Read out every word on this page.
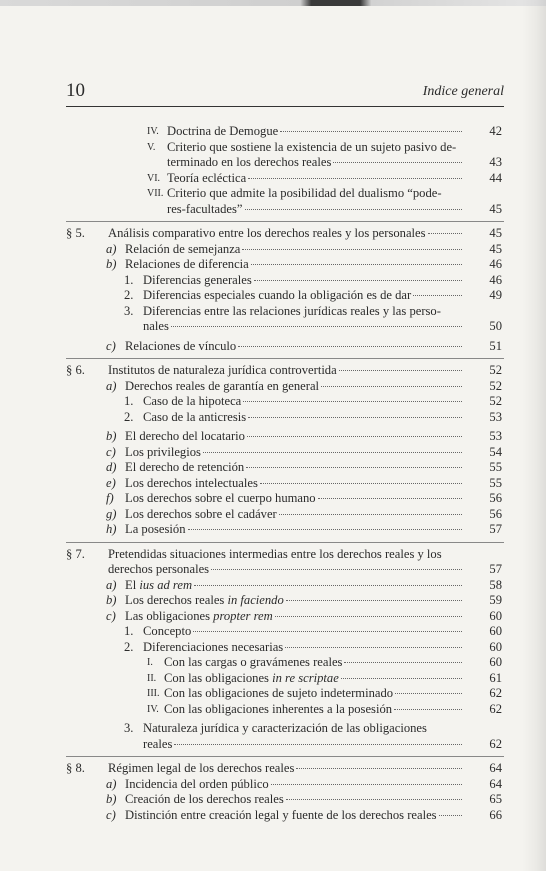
10	Indice general
IV. Doctrina de Demogue	42
V. Criterio que sostiene la existencia de un sujeto pasivo de-
terminado en los derechos reales	43
VI. Teoría ecléctica	44
VII. Criterio que admite la posibilidad del dualismo “pode-
res-facultades”	45
§ 5. Análisis comparativo entre los derechos reales y los personales	45
a) Relación de semejanza	45
b) Relaciones de diferencia	46
1. Diferencias generales	46
2. Diferencias especiales cuando la obligación es de dar	49
3. Diferencias entre las relaciones jurídicas reales y las perso-
nales	50
c) Relaciones de vínculo	51
§ 6. Institutos de naturaleza jurídica controvertida	52
a) Derechos reales de garantía en general	52
1. Caso de la hipoteca	52
2. Caso de la anticresis	53
b) El derecho del locatario	53
c) Los privilegios	54
d) El derecho de retención	55
e) Los derechos intelectuales	55
f) Los derechos sobre el cuerpo humano	56
g) Los derechos sobre el cadáver	56
h) La posesión	57
§ 7. Pretendidas situaciones intermedias entre los derechos reales y los
derechos personales	57
a) El ius ad rem	58
b) Los derechos reales in faciendo	59
c) Las obligaciones propter rem	60
1. Concepto	60
2. Diferenciaciones necesarias	60
I. Con las cargas o gravámenes reales	60
II. Con las obligaciones in re scriptae	61
III. Con las obligaciones de sujeto indeterminado	62
IV. Con las obligaciones inherentes a la posesión	62
3. Naturaleza jurídica y caracterización de las obligaciones
reales	62
§ 8. Régimen legal de los derechos reales	64
a) Incidencia del orden público	64
b) Creación de los derechos reales	65
c) Distinción entre creación legal y fuente de los derechos reales	66
